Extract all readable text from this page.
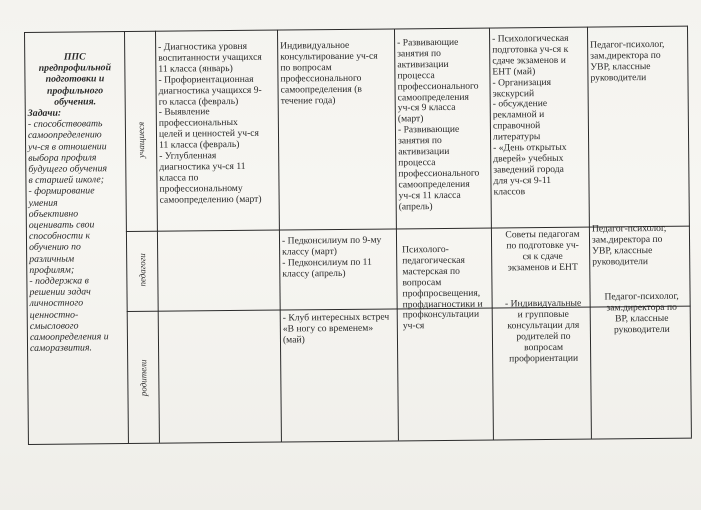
ППС
предпрофильной
подготовки и
профильного
обучения.
Задачи:
- способствовать
самоопределению
уч-ся в отношении
выбора профиля
будущего обучения
в старшей школе;
- формирование
умения
объективно
оценивать свои
способности к
обучению по
различным
профилям;
- поддержка в
решении задач
личностного
ценностно-
смыслового
самоопределения и
саморазвития.
учащиеся
педагоги
родители
- Диагностика уровня
воспитанности учащихся
11 класса (январь)
- Профориентационная
диагностика учащихся 9-
го класса (февраль)
- Выявление
профессиональных
целей и ценностей уч-ся
11 класса (февраль)
- Углубленная
диагностика уч-ся 11
класса по
профессиональному
самоопределению (март)
Индивидуальное
консультирование уч-ся
по вопросам
профессионального
самоопределения (в
течение года)
- Развивающие
занятия по
активизации
процесса
профессионального
самоопределения
уч-ся 9 класса
(март)
- Развивающие
занятия по
активизации
процесса
профессионального
самоопределения
уч-ся 11 класса
(апрель)
- Психологическая
подготовка уч-ся к
сдаче экзаменов и
ЕНТ (май)
- Организация
экскурсий
- обсуждение
рекламной и
справочной
литературы
- «День открытых
дверей» учебных
заведений города
для уч-ся 9-11
классов
Педагог-психолог,
зам.директора по
УВР, классные
руководители
- Педконсилиум по 9-му
классу (март)
- Педконсилиум по 11
классу (апрель)
Психолого-
педагогическая
мастерская по
вопросам
профпросвещения,
профдиагностики и
профконсультации
уч-ся
Советы педагогам
по подготовке уч-
ся к сдаче
экзаменов и ЕНТ
Педагог-психолог,
зам.директора по
УВР, классные
руководители
- Клуб интересных встреч
«В ногу со временем»
(май)
- Индивидуальные
и групповые
консультации для
родителей по
вопросам
профориентации
Педагог-психолог,
зам.директора по
ВР, классные
руководители
